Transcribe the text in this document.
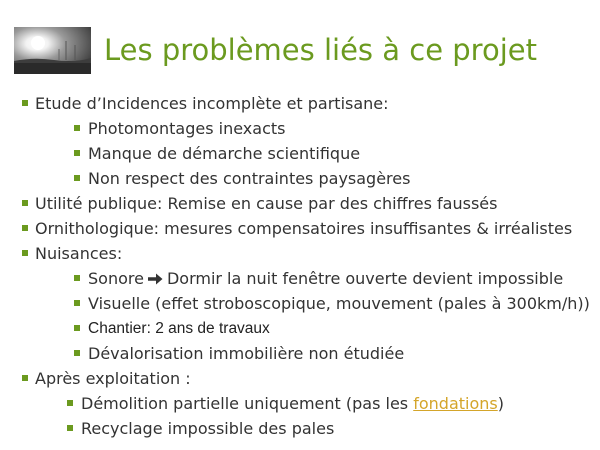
Les problèmes liés à ce projet
Etude d’Incidences incomplète et partisane:
Photomontages inexacts
Manque de démarche scientifique
Non respect des contraintes paysagères
Utilité publique: Remise en cause par des chiffres faussés
Ornithologique: mesures compensatoires insuffisantes & irréalistes
Nuisances:
Sonore Dormir la nuit fenêtre ouverte devient impossible
Visuelle (effet stroboscopique, mouvement (pales à 300km/h))
Chantier: 2 ans de travaux
Dévalorisation immobilière non étudiée
Après exploitation :
Démolition partielle uniquement (pas les fondations)
Recyclage impossible des pales
